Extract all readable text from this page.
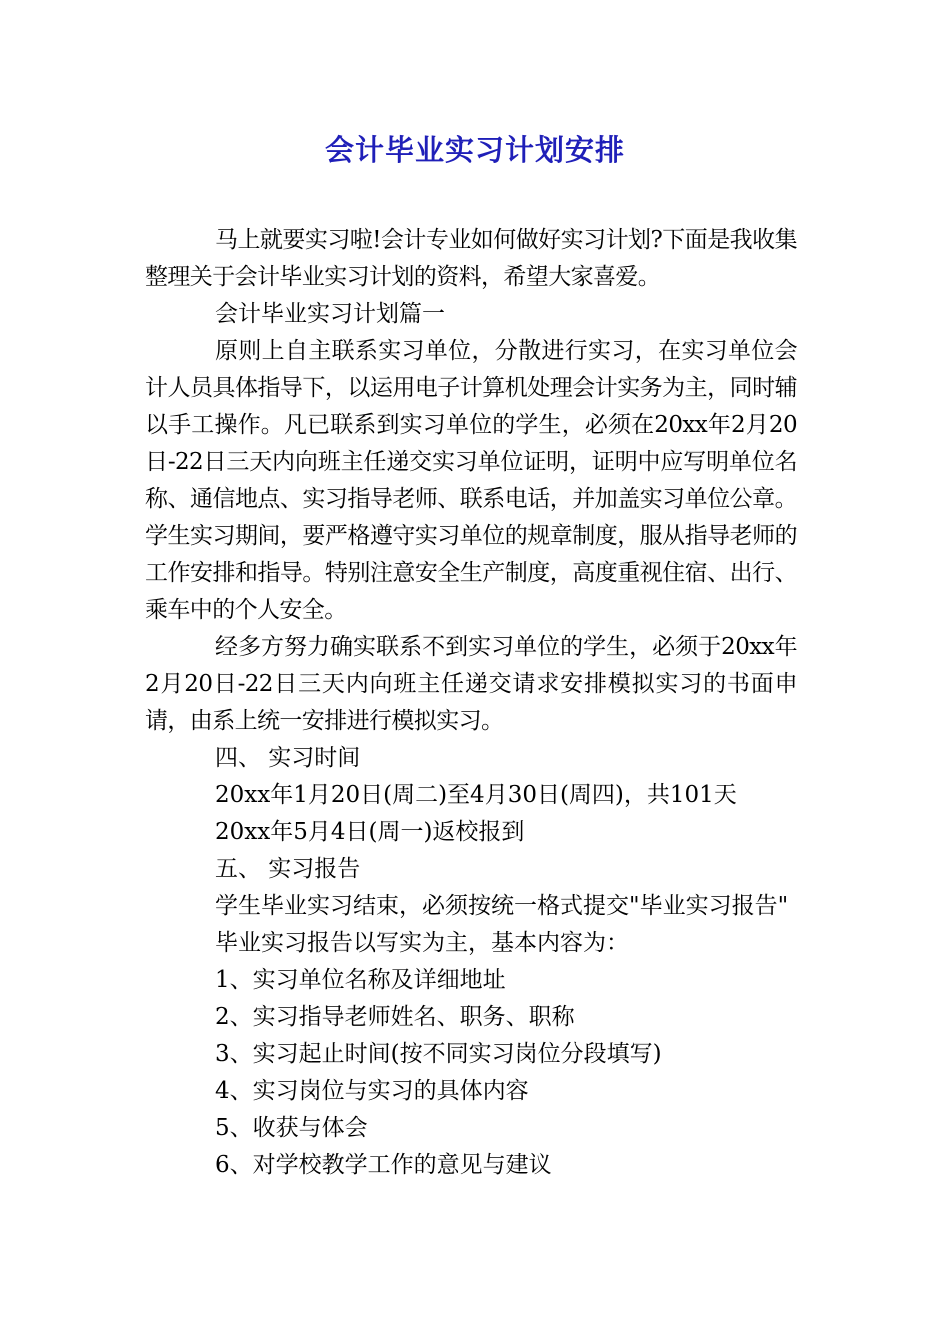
会计毕业实习计划安排

马上就要实习啦!会计专业如何做好实习计划?下面是我收集整理关于会计毕业实习计划的资料，希望大家喜爱。

会计毕业实习计划篇一

原则上自主联系实习单位，分散进行实习，在实习单位会计人员具体指导下，以运用电子计算机处理会计实务为主，同时辅以手工操作。凡已联系到实习单位的学生，必须在20xx年2月20日-22日三天内向班主任递交实习单位证明，证明中应写明单位名称、通信地点、实习指导老师、联系电话，并加盖实习单位公章。学生实习期间，要严格遵守实习单位的规章制度，服从指导老师的工作安排和指导。特别注意安全生产制度，高度重视住宿、出行、乘车中的个人安全。

经多方努力确实联系不到实习单位的学生，必须于20xx年2月20日-22日三天内向班主任递交请求安排模拟实习的书面申请，由系上统一安排进行模拟实习。

四、 实习时间

20xx年1月20日(周二)至4月30日(周四)，共101天

20xx年5月4日(周一)返校报到

五、 实习报告

学生毕业实习结束，必须按统一格式提交"毕业实习报告"

毕业实习报告以写实为主，基本内容为：

1、实习单位名称及详细地址

2、实习指导老师姓名、职务、职称

3、实习起止时间(按不同实习岗位分段填写)

4、实习岗位与实习的具体内容

5、收获与体会

6、对学校教学工作的意见与建议
